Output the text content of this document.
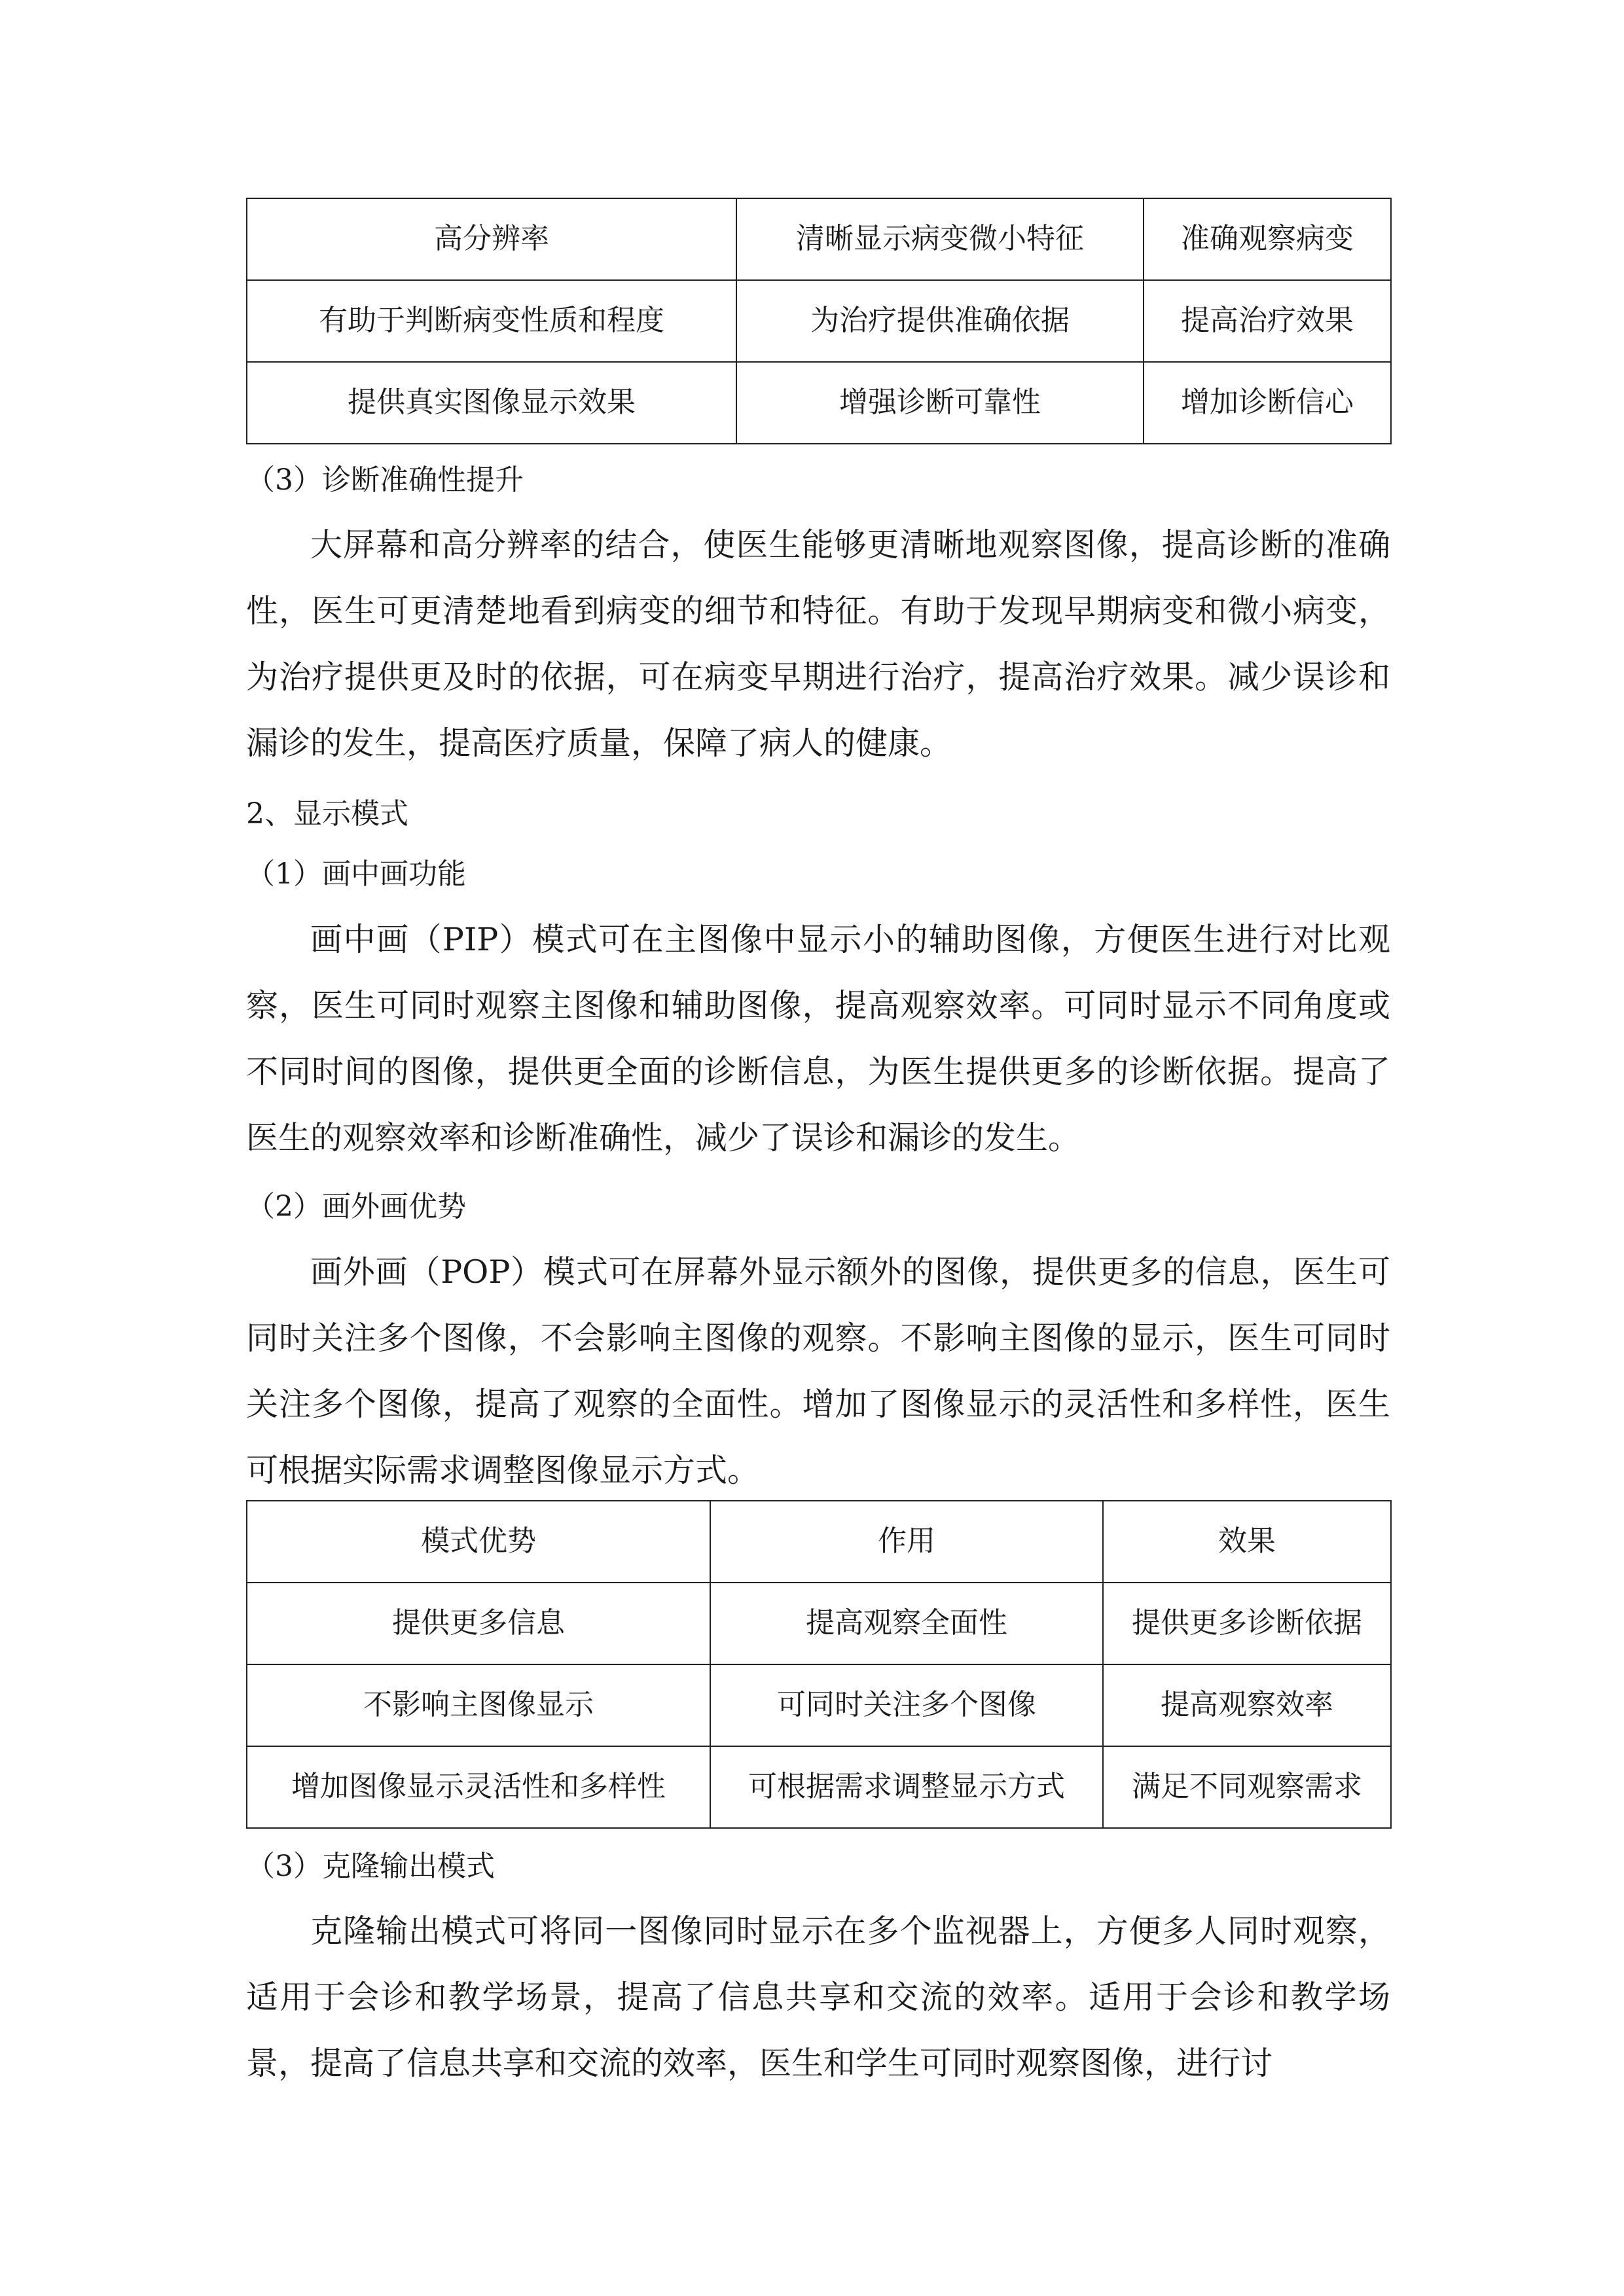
高分辨率	清晰显示病变微小特征	准确观察病变
有助于判断病变性质和程度	为治疗提供准确依据	提高治疗效果
提供真实图像显示效果	增强诊断可靠性	增加诊断信心
（3）诊断准确性提升
大屏幕和高分辨率的结合，使医生能够更清晰地观察图像，提高诊断的准确性，医生可更清楚地看到病变的细节和特征。有助于发现早期病变和微小病变，为治疗提供更及时的依据，可在病变早期进行治疗，提高治疗效果。减少误诊和漏诊的发生，提高医疗质量，保障了病人的健康。
2、显示模式
（1）画中画功能
画中画（PIP）模式可在主图像中显示小的辅助图像，方便医生进行对比观察，医生可同时观察主图像和辅助图像，提高观察效率。可同时显示不同角度或不同时间的图像，提供更全面的诊断信息，为医生提供更多的诊断依据。提高了医生的观察效率和诊断准确性，减少了误诊和漏诊的发生。
（2）画外画优势
画外画（POP）模式可在屏幕外显示额外的图像，提供更多的信息，医生可同时关注多个图像，不会影响主图像的观察。不影响主图像的显示，医生可同时关注多个图像，提高了观察的全面性。增加了图像显示的灵活性和多样性，医生可根据实际需求调整图像显示方式。
模式优势	作用	效果
提供更多信息	提高观察全面性	提供更多诊断依据
不影响主图像显示	可同时关注多个图像	提高观察效率
增加图像显示灵活性和多样性	可根据需求调整显示方式	满足不同观察需求
（3）克隆输出模式
克隆输出模式可将同一图像同时显示在多个监视器上，方便多人同时观察，适用于会诊和教学场景，提高了信息共享和交流的效率。适用于会诊和教学场景，提高了信息共享和交流的效率，医生和学生可同时观察图像，进行讨
